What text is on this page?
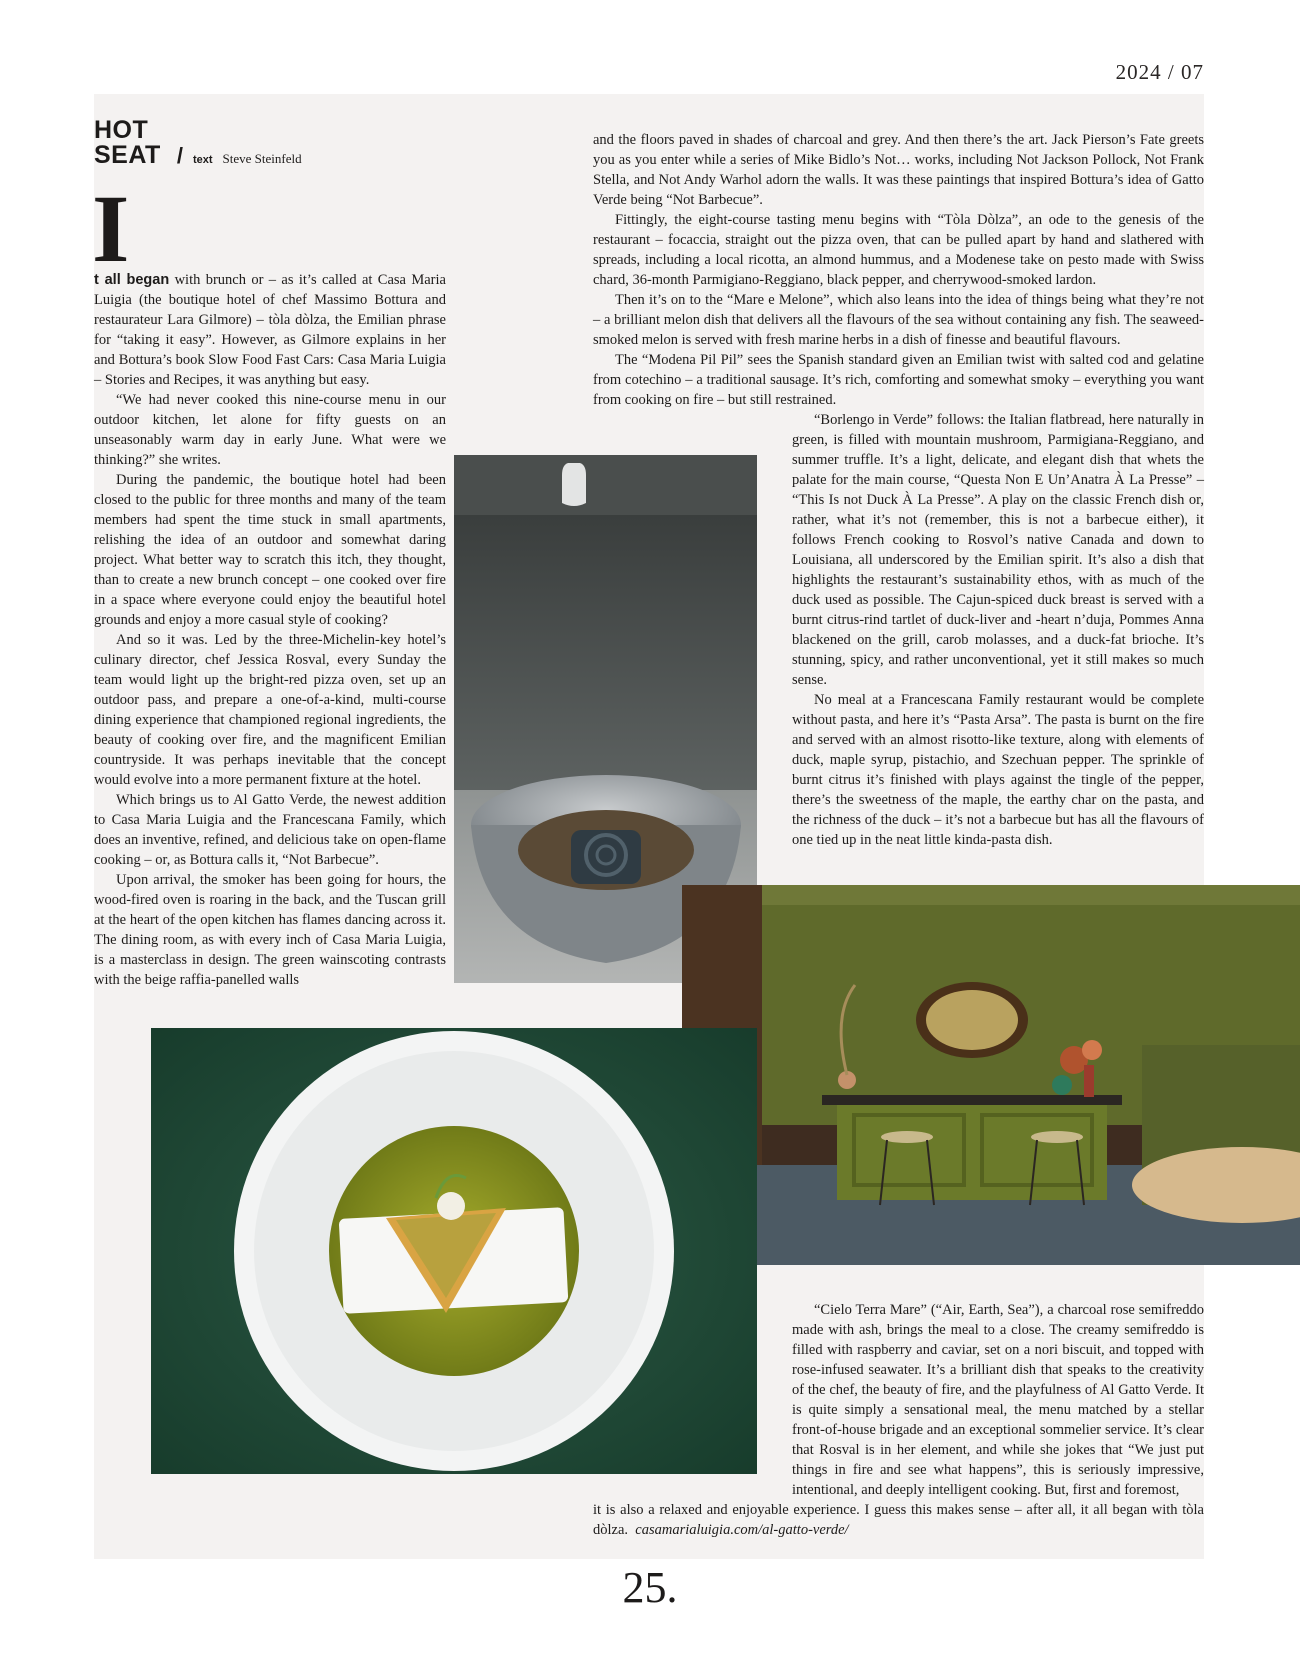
2024 / 07
HOT
SEAT / text Steve Steinfeld
I

t all began with brunch or – as it’s called at Casa Maria Luigia (the boutique hotel of chef Massimo Bottura and restaurateur Lara Gilmore) – tòla dòlza, the Emilian phrase for “taking it easy”. However, as Gilmore explains in her and Bottura’s book Slow Food Fast Cars: Casa Maria Luigia – Stories and Recipes, it was anything but easy.

“We had never cooked this nine-course menu in our outdoor kitchen, let alone for fifty guests on an unseasonably warm day in early June. What were we thinking?” she writes.

During the pandemic, the boutique hotel had been closed to the public for three months and many of the team members had spent the time stuck in small apartments, relishing the idea of an outdoor and somewhat daring project. What better way to scratch this itch, they thought, than to create a new brunch concept – one cooked over fire in a space where everyone could enjoy the beautiful hotel grounds and enjoy a more casual style of cooking?

And so it was. Led by the three-Michelin-key hotel’s culinary director, chef Jessica Rosval, every Sunday the team would light up the bright-red pizza oven, set up an outdoor pass, and prepare a one-of-a-kind, multi-course dining experience that championed regional ingredients, the beauty of cooking over fire, and the magnificent Emilian countryside. It was perhaps inevitable that the concept would evolve into a more permanent fixture at the hotel.

Which brings us to Al Gatto Verde, the newest addition to Casa Maria Luigia and the Francescana Family, which does an inventive, refined, and delicious take on open-flame cooking – or, as Bottura calls it, “Not Barbecue”.

Upon arrival, the smoker has been going for hours, the wood-fired oven is roaring in the back, and the Tuscan grill at the heart of the open kitchen has flames dancing across it. The dining room, as with every inch of Casa Maria Luigia, is a masterclass in design. The green wainscoting contrasts with the beige raffia-panelled walls

and the floors paved in shades of charcoal and grey. And then there’s the art. Jack Pierson’s Fate greets you as you enter while a series of Mike Bidlo’s Not… works, including Not Jackson Pollock, Not Frank Stella, and Not Andy Warhol adorn the walls. It was these paintings that inspired Bottura’s idea of Gatto Verde being “Not Barbecue”.

Fittingly, the eight-course tasting menu begins with “Tòla Dòlza”, an ode to the genesis of the restaurant – focaccia, straight out the pizza oven, that can be pulled apart by hand and slathered with spreads, including a local ricotta, an almond hummus, and a Modenese take on pesto made with Swiss chard, 36-month Parmigiano-Reggiano, black pepper, and cherrywood-smoked lardon.

Then it’s on to the “Mare e Melone”, which also leans into the idea of things being what they’re not – a brilliant melon dish that delivers all the flavours of the sea without containing any fish. The seaweed-smoked melon is served with fresh marine herbs in a dish of finesse and beautiful flavours.

The “Modena Pil Pil” sees the Spanish standard given an Emilian twist with salted cod and gelatine from cotechino – a traditional sausage. It’s rich, comforting and somewhat smoky – everything you want from cooking on fire – but still restrained.

“Borlengo in Verde” follows: the Italian flatbread, here naturally in green, is filled with mountain mushroom, Parmigiana-Reggiano, and summer truffle. It’s a light, delicate, and elegant dish that whets the palate for the main course, “Questa Non E Un’Anatra À La Presse” – “This Is not Duck À La Presse”. A play on the classic French dish or, rather, what it’s not (remember, this is not a barbecue either), it follows French cooking to Rosvol’s native Canada and down to Louisiana, all underscored by the Emilian spirit. It’s also a dish that highlights the restaurant’s sustainability ethos, with as much of the duck used as possible. The Cajun-spiced duck breast is served with a burnt citrus-rind tartlet of duck-liver and -heart n’duja, Pommes Anna blackened on the grill, carob molasses, and a duck-fat brioche. It’s stunning, spicy, and rather unconventional, yet it still makes so much sense.

No meal at a Francescana Family restaurant would be complete without pasta, and here it’s “Pasta Arsa”. The pasta is burnt on the fire and served with an almost risotto-like texture, along with elements of duck, maple syrup, pistachio, and Szechuan pepper. The sprinkle of burnt citrus it’s finished with plays against the tingle of the pepper, there’s the sweetness of the maple, the earthy char on the pasta, and the richness of the duck – it’s not a barbecue but has all the flavours of one tied up in the neat little kinda-pasta dish.

“Cielo Terra Mare” (“Air, Earth, Sea”), a charcoal rose semifreddo made with ash, brings the meal to a close. The creamy semifreddo is filled with raspberry and caviar, set on a nori biscuit, and topped with rose-infused seawater. It’s a brilliant dish that speaks to the creativity of the chef, the beauty of fire, and the playfulness of Al Gatto Verde. It is quite simply a sensational meal, the menu matched by a stellar front-of-house brigade and an exceptional sommelier service. It’s clear that Rosval is in her element, and while she jokes that “We just put things in fire and see what happens”, this is seriously impressive, intentional, and deeply intelligent cooking. But, first and foremost,

it is also a relaxed and enjoyable experience. I guess this makes sense – after all, it all began with tòla dòlza. casamarialuigia.com/al-gatto-verde/

25.
